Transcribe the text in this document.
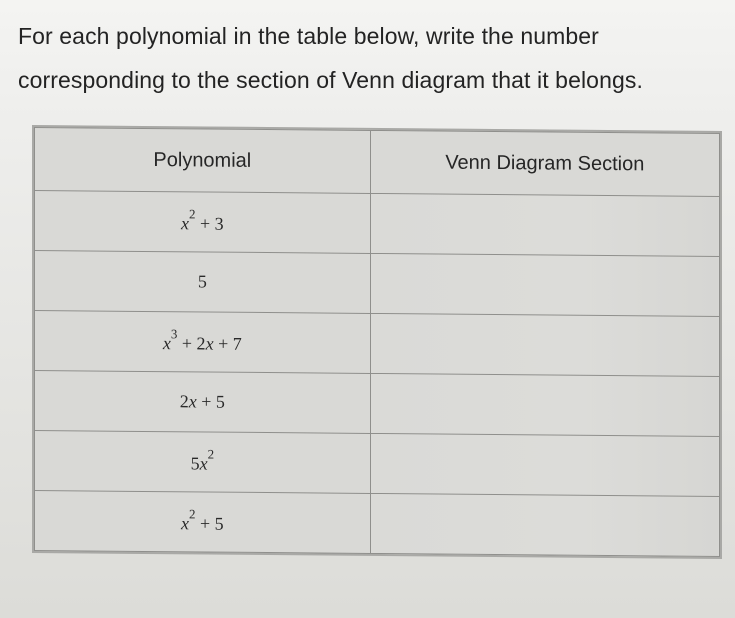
For each polynomial in the table below, write the number
corresponding to the section of Venn diagram that it belongs.
Polynomial	Venn Diagram Section
$x^2 + 3$	
5	
$x^3 + 2x + 7$	
2x + 5	
$5x^2$	
$x^2 + 5$	
